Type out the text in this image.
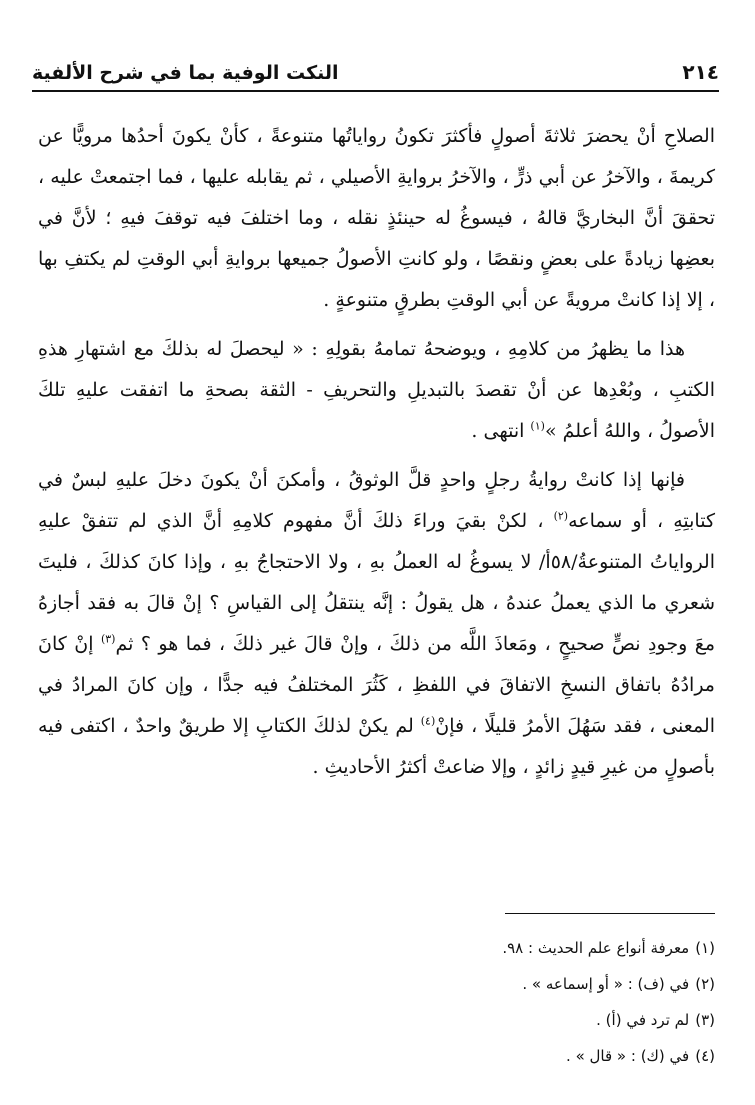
٢١٤
النكت الوفية بما في شرح الألفية

الصلاحِ أنْ يحضرَ ثلاثةَ أصولٍ فأكثرَ تكونُ رواياتُها متنوعةً ، كأنْ يكونَ أحدُها مرويًّا عن كريمةَ ، والآخرُ عن أبي ذرٍّ ، والآخرُ بروايةِ الأصيلي ، ثم يقابله عليها ، فما اجتمعتْ عليه ، تحققَ أنَّ البخاريَّ قالهُ ، فيسوغُ له حينئذٍ نقله ، وما اختلفَ فيه توقفَ فيهِ ؛ لأنَّ في بعضِها زيادةً على بعضٍ ونقصًا ، ولو كانتِ الأصولُ جميعها بروايةِ أبي الوقتِ لم يكتفِ بها ، إلا إذا كانتْ مرويةً عن أبي الوقتِ بطرقٍ متنوعةٍ .

هذا ما يظهرُ من كلامِهِ ، ويوضحهُ تمامهُ بقولِهِ : « ليحصلَ له بذلكَ مع اشتهارِ هذهِ الكتبِ ، وبُعْدِها عن أنْ تقصدَ بالتبديلِ والتحريفِ - الثقة بصحةِ ما اتفقت عليهِ تلكَ الأصولُ ، واللهُ أعلمُ »$^{(١)}$ انتهى .

فإنها إذا كانتْ روايةُ رجلٍ واحدٍ قلَّ الوثوقُ ، وأمكنَ أنْ يكونَ دخلَ عليهِ لبسٌ في كتابتِهِ ، أو سماعه$^{(٢)}$ ، لكنْ بقيَ وراءَ ذلكَ أنَّ مفهوم كلامِهِ أنَّ الذي لم تتفقْ عليهِ الرواياتُ المتنوعةُ/٥٨أ/ لا يسوغُ له العملُ بهِ ، ولا الاحتجاجُ بهِ ، وإذا كانَ كذلكَ ، فليتَ شعري ما الذي يعملُ عندهُ ، هل يقولُ : إنَّه ينتقلُ إلى القياسِ ؟ إنْ قالَ به فقد أجازهُ معَ وجودِ نصٍّ صحيحٍ ، ومَعاذَ اللَّه من ذلكَ ، وإنْ قالَ غير ذلكَ ، فما هو ؟ ثم$^{(٣)}$ إنْ كانَ مرادُهُ باتفاق النسخِ الاتفاقَ في اللفظِ ، كَثُرَ المختلفُ فيه جدًّا ، وإن كانَ المرادُ في المعنى ، فقد سَهُلَ الأمرُ قليلًا ، فإنْ$^{(٤)}$ لم يكنْ لذلكَ الكتابِ إلا طريقٌ واحدٌ ، اكتفى فيه بأصولٍ من غيرِ قيدٍ زائدٍ ، وإلا ضاعتْ أكثرُ الأحاديثِ .

(١)معرفة أنواع علم الحديث : ٩٨.

(٢)في (ف) : « أو إسماعه » .

(٣)لم ترد في (أ) .

(٤)في (ك) : « قال » .
